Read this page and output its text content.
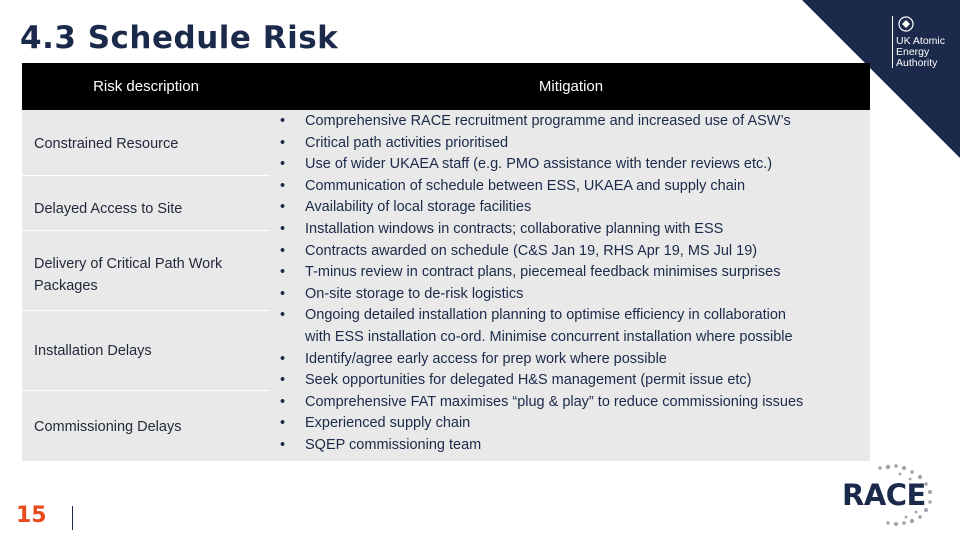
4.3 Schedule Risk	UK Atomic
Energy
Authority
Risk description	Mitigation
Constrained Resource
Delayed Access to Site
Delivery of Critical Path Work Packages
Installation Delays
Commissioning Delays
• Comprehensive RACE recruitment programme and increased use of ASW’s
• Critical path activities prioritised
• Use of wider UKAEA staff (e.g. PMO assistance with tender reviews etc.)
• Communication of schedule between ESS, UKAEA and supply chain
• Availability of local storage facilities
• Installation windows in contracts; collaborative planning with ESS
• Contracts awarded on schedule (C&S Jan 19, RHS Apr 19, MS Jul 19)
• T-minus review in contract plans, piecemeal feedback minimises surprises
• On-site storage to de-risk logistics
• Ongoing detailed installation planning to optimise efficiency in collaboration
with ESS installation co-ord. Minimise concurrent installation where possible
• Identify/agree early access for prep work where possible
• Seek opportunities for delegated H&S management (permit issue etc)
• Comprehensive FAT maximises “plug & play” to reduce commissioning issues
• Experienced supply chain
• SQEP commissioning team
15
RACE
